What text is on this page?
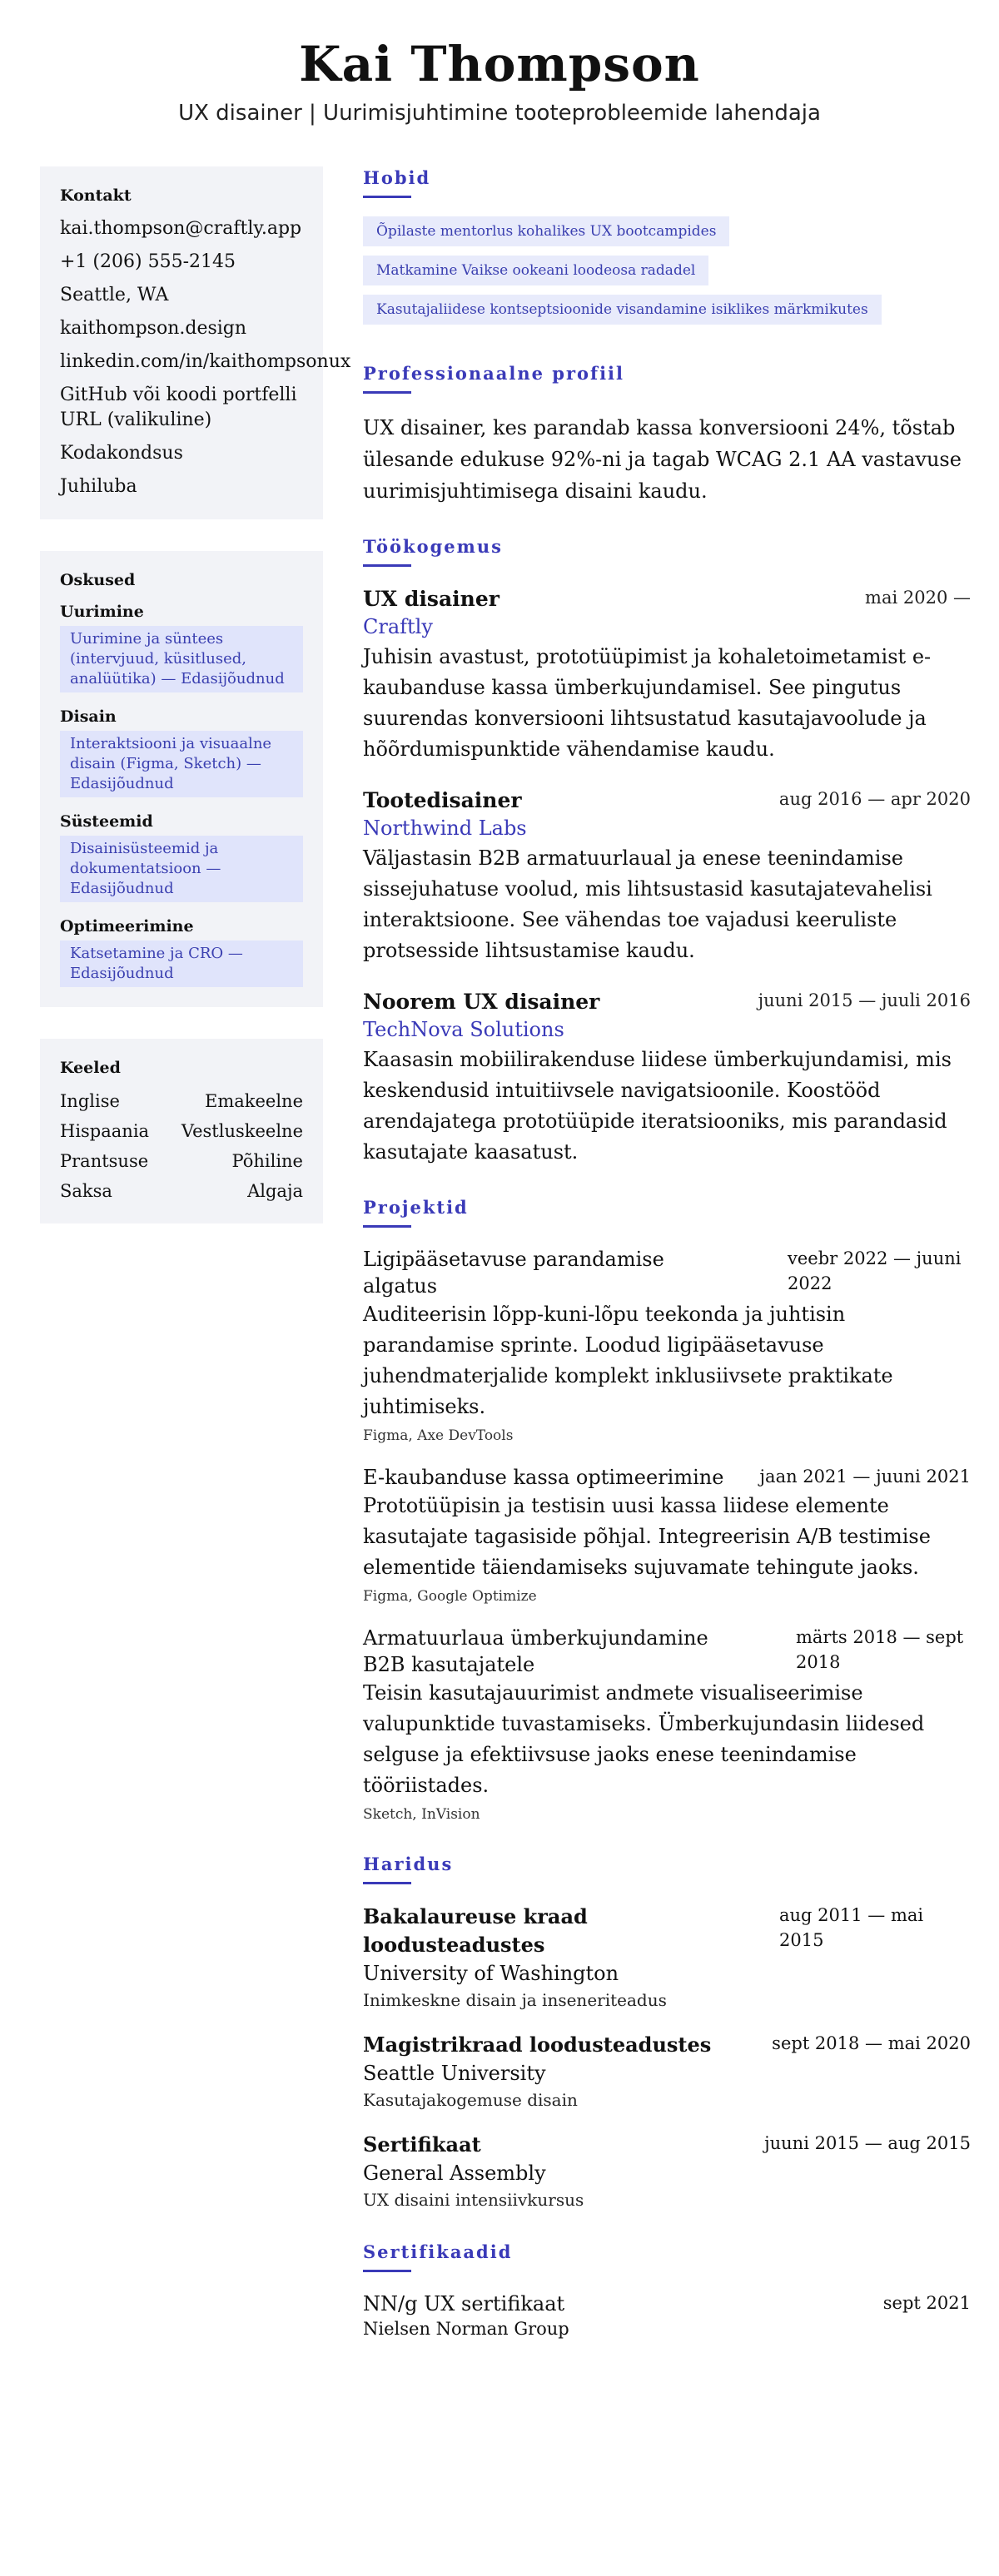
Kai Thompson
UX disainer | Uurimisjuhtimine tooteprobleemide lahendaja
Kontakt
kai.thompson@craftly.app
+1 (206) 555-2145
Seattle, WA
kaithompson.design
linkedin.com/in/kaithompsonux
GitHub või koodi portfelli URL (valikuline)
Kodakondsus
Juhiluba
Oskused
Uurimine
Uurimine ja süntees (intervjuud, küsitlused, analüütika) — Edasijõudnud
Disain
Interaktsiooni ja visuaalne disain (Figma, Sketch) — Edasijõudnud
Süsteemid
Disainisüsteemid ja dokumentatsioon — Edasijõudnud
Optimeerimine
Katsetamine ja CRO — Edasijõudnud
Keeled
Inglise	Emakeelne
Hispaania Vestluskeelne
Prantsuse	Põhiline
Saksa	Algaja
Hobid
Õpilaste mentorlus kohalikes UX bootcampides
Matkamine Vaikse ookeani loodeosa radadel
Kasutajaliidese kontseptsioonide visandamine isiklikes märkmikutes
Professionaalne profiil
UX disainer, kes parandab kassa konversiooni 24%, tõstab ülesande edukuse 92%-ni ja tagab WCAG 2.1 AA vastavuse uurimisjuhtimisega disaini kaudu.
Töökogemus
UX disainer	mai 2020 —
Craftly
Juhisin avastust, prototüüpimist ja kohaletoimetamist e-kaubanduse kassa ümberkujundamisel. See pingutus suurendas konversiooni lihtsustatud kasutajavoolude ja hõõrdumispunktide vähendamise kaudu.
Tootedisainer	aug 2016 — apr 2020
Northwind Labs
Väljastasin B2B armatuurlaual ja enese teenindamise sissejuhatuse voolud, mis lihtsustasid kasutajatevahelisi interaktsioone. See vähendas toe vajadusi keeruliste protsesside lihtsustamise kaudu.
Noorem UX disainer	juuni 2015 — juuli 2016
TechNova Solutions
Kaasasin mobiilirakenduse liidese ümberkujundamisi, mis keskendusid intuitiivsele navigatsioonile. Koostööd arendajatega prototüüpide iteratsiooniks, mis parandasid kasutajate kaasatust.
Projektid
Ligipääsetavuse parandamise algatus
veebr 2022 — juuni 2022
Auditeerisin lõpp-kuni-lõpu teekonda ja juhtisin parandamise sprinte. Loodud ligipääsetavuse juhendmaterjalide komplekt inklusiivsete praktikate juhtimiseks.
Figma, Axe DevTools
E-kaubanduse kassa optimeerimine jaan 2021 — juuni 2021
Prototüüpisin ja testisin uusi kassa liidese elemente kasutajate tagasiside põhjal. Integreerisin A/B testimise elementide täiendamiseks sujuvamate tehingute jaoks.
Figma, Google Optimize
Armatuurlaua ümberkujundamine B2B kasutajatele
märts 2018 — sept 2018
Teisin kasutajauurimist andmete visualiseerimise valupunktide tuvastamiseks. Ümberkujundasin liidesed selguse ja efektiivsuse jaoks enese teenindamise tööriistades.
Sketch, InVision
Haridus
Bakalaureuse kraad loodusteadustes
aug 2011 — mai 2015
University of Washington
Inimkeskne disain ja inseneriteadus
Magistrikraad loodusteadustes	sept 2018 — mai 2020
Seattle University
Kasutajakogemuse disain
Sertifikaat	juuni 2015 — aug 2015
General Assembly
UX disaini intensiivkursus
Sertifikaadid
NN/g UX sertifikaat	sept 2021
Nielsen Norman Group
